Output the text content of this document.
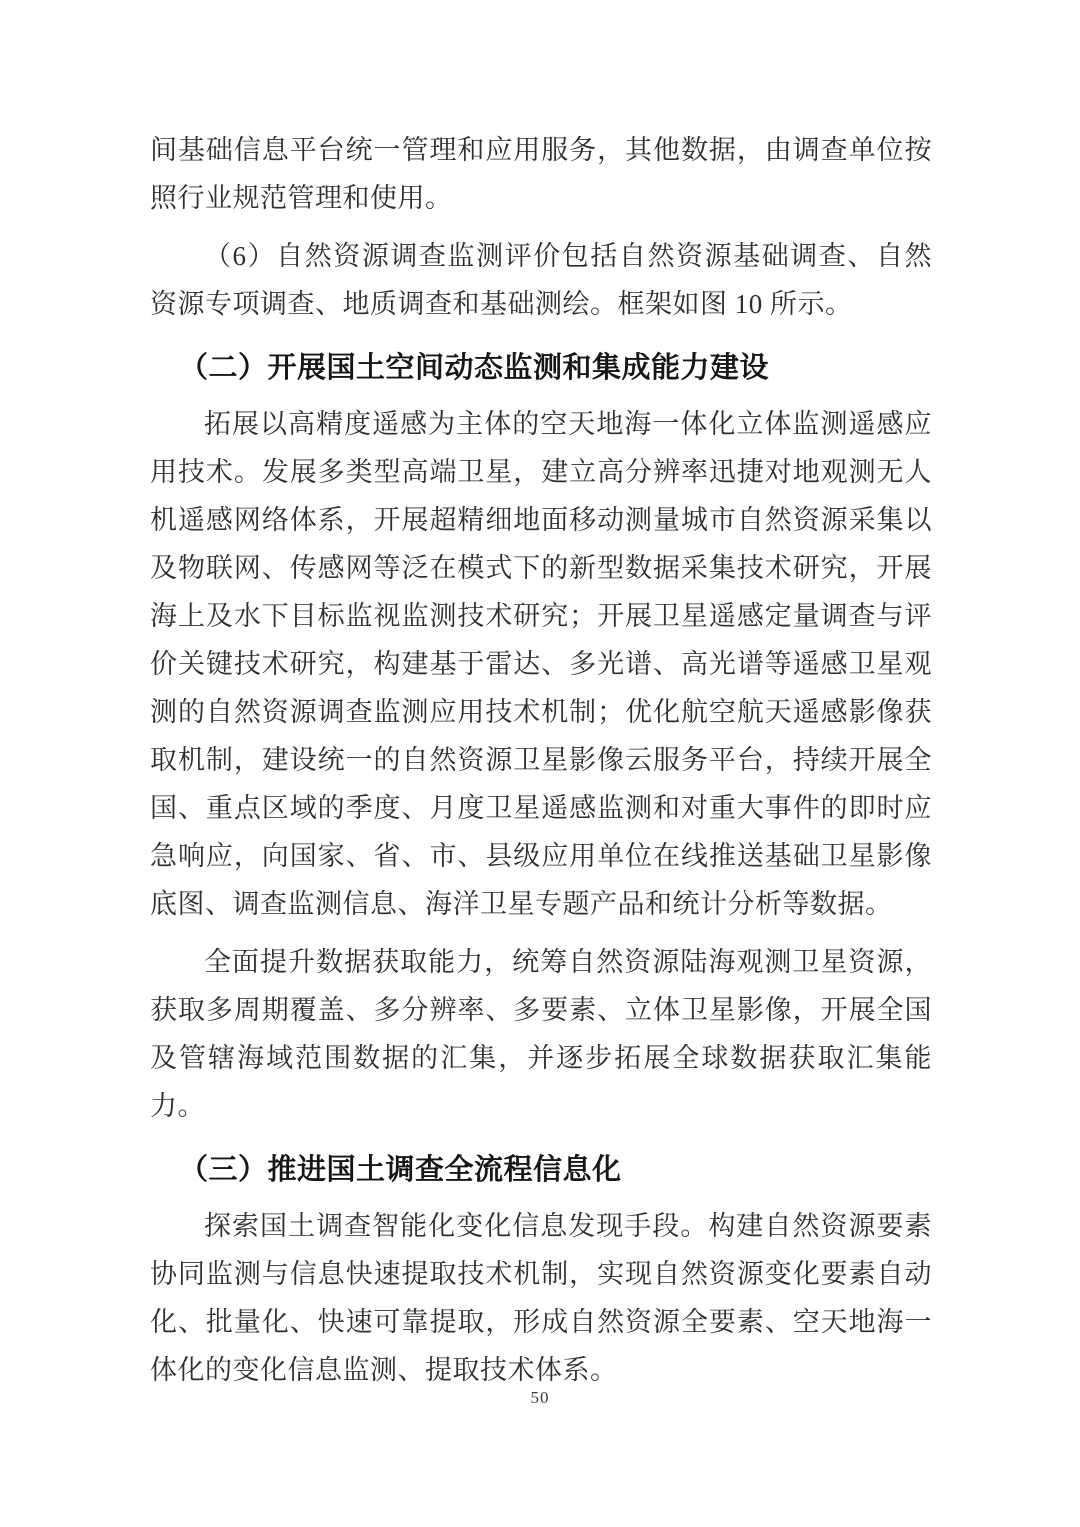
间基础信息平台统一管理和应用服务，其他数据，由调查单位按照行业规范管理和使用。

（6）自然资源调查监测评价包括自然资源基础调查、自然资源专项调查、地质调查和基础测绘。框架如图 10 所示。

（二）开展国土空间动态监测和集成能力建设

拓展以高精度遥感为主体的空天地海一体化立体监测遥感应用技术。发展多类型高端卫星，建立高分辨率迅捷对地观测无人机遥感网络体系，开展超精细地面移动测量城市自然资源采集以及物联网、传感网等泛在模式下的新型数据采集技术研究，开展海上及水下目标监视监测技术研究；开展卫星遥感定量调查与评价关键技术研究，构建基于雷达、多光谱、高光谱等遥感卫星观测的自然资源调查监测应用技术机制；优化航空航天遥感影像获取机制，建设统一的自然资源卫星影像云服务平台，持续开展全国、重点区域的季度、月度卫星遥感监测和对重大事件的即时应急响应，向国家、省、市、县级应用单位在线推送基础卫星影像底图、调查监测信息、海洋卫星专题产品和统计分析等数据。

全面提升数据获取能力，统筹自然资源陆海观测卫星资源，获取多周期覆盖、多分辨率、多要素、立体卫星影像，开展全国及管辖海域范围数据的汇集，并逐步拓展全球数据获取汇集能力。

（三）推进国土调查全流程信息化

探索国土调查智能化变化信息发现手段。构建自然资源要素协同监测与信息快速提取技术机制，实现自然资源变化要素自动化、批量化、快速可靠提取，形成自然资源全要素、空天地海一体化的变化信息监测、提取技术体系。

50
